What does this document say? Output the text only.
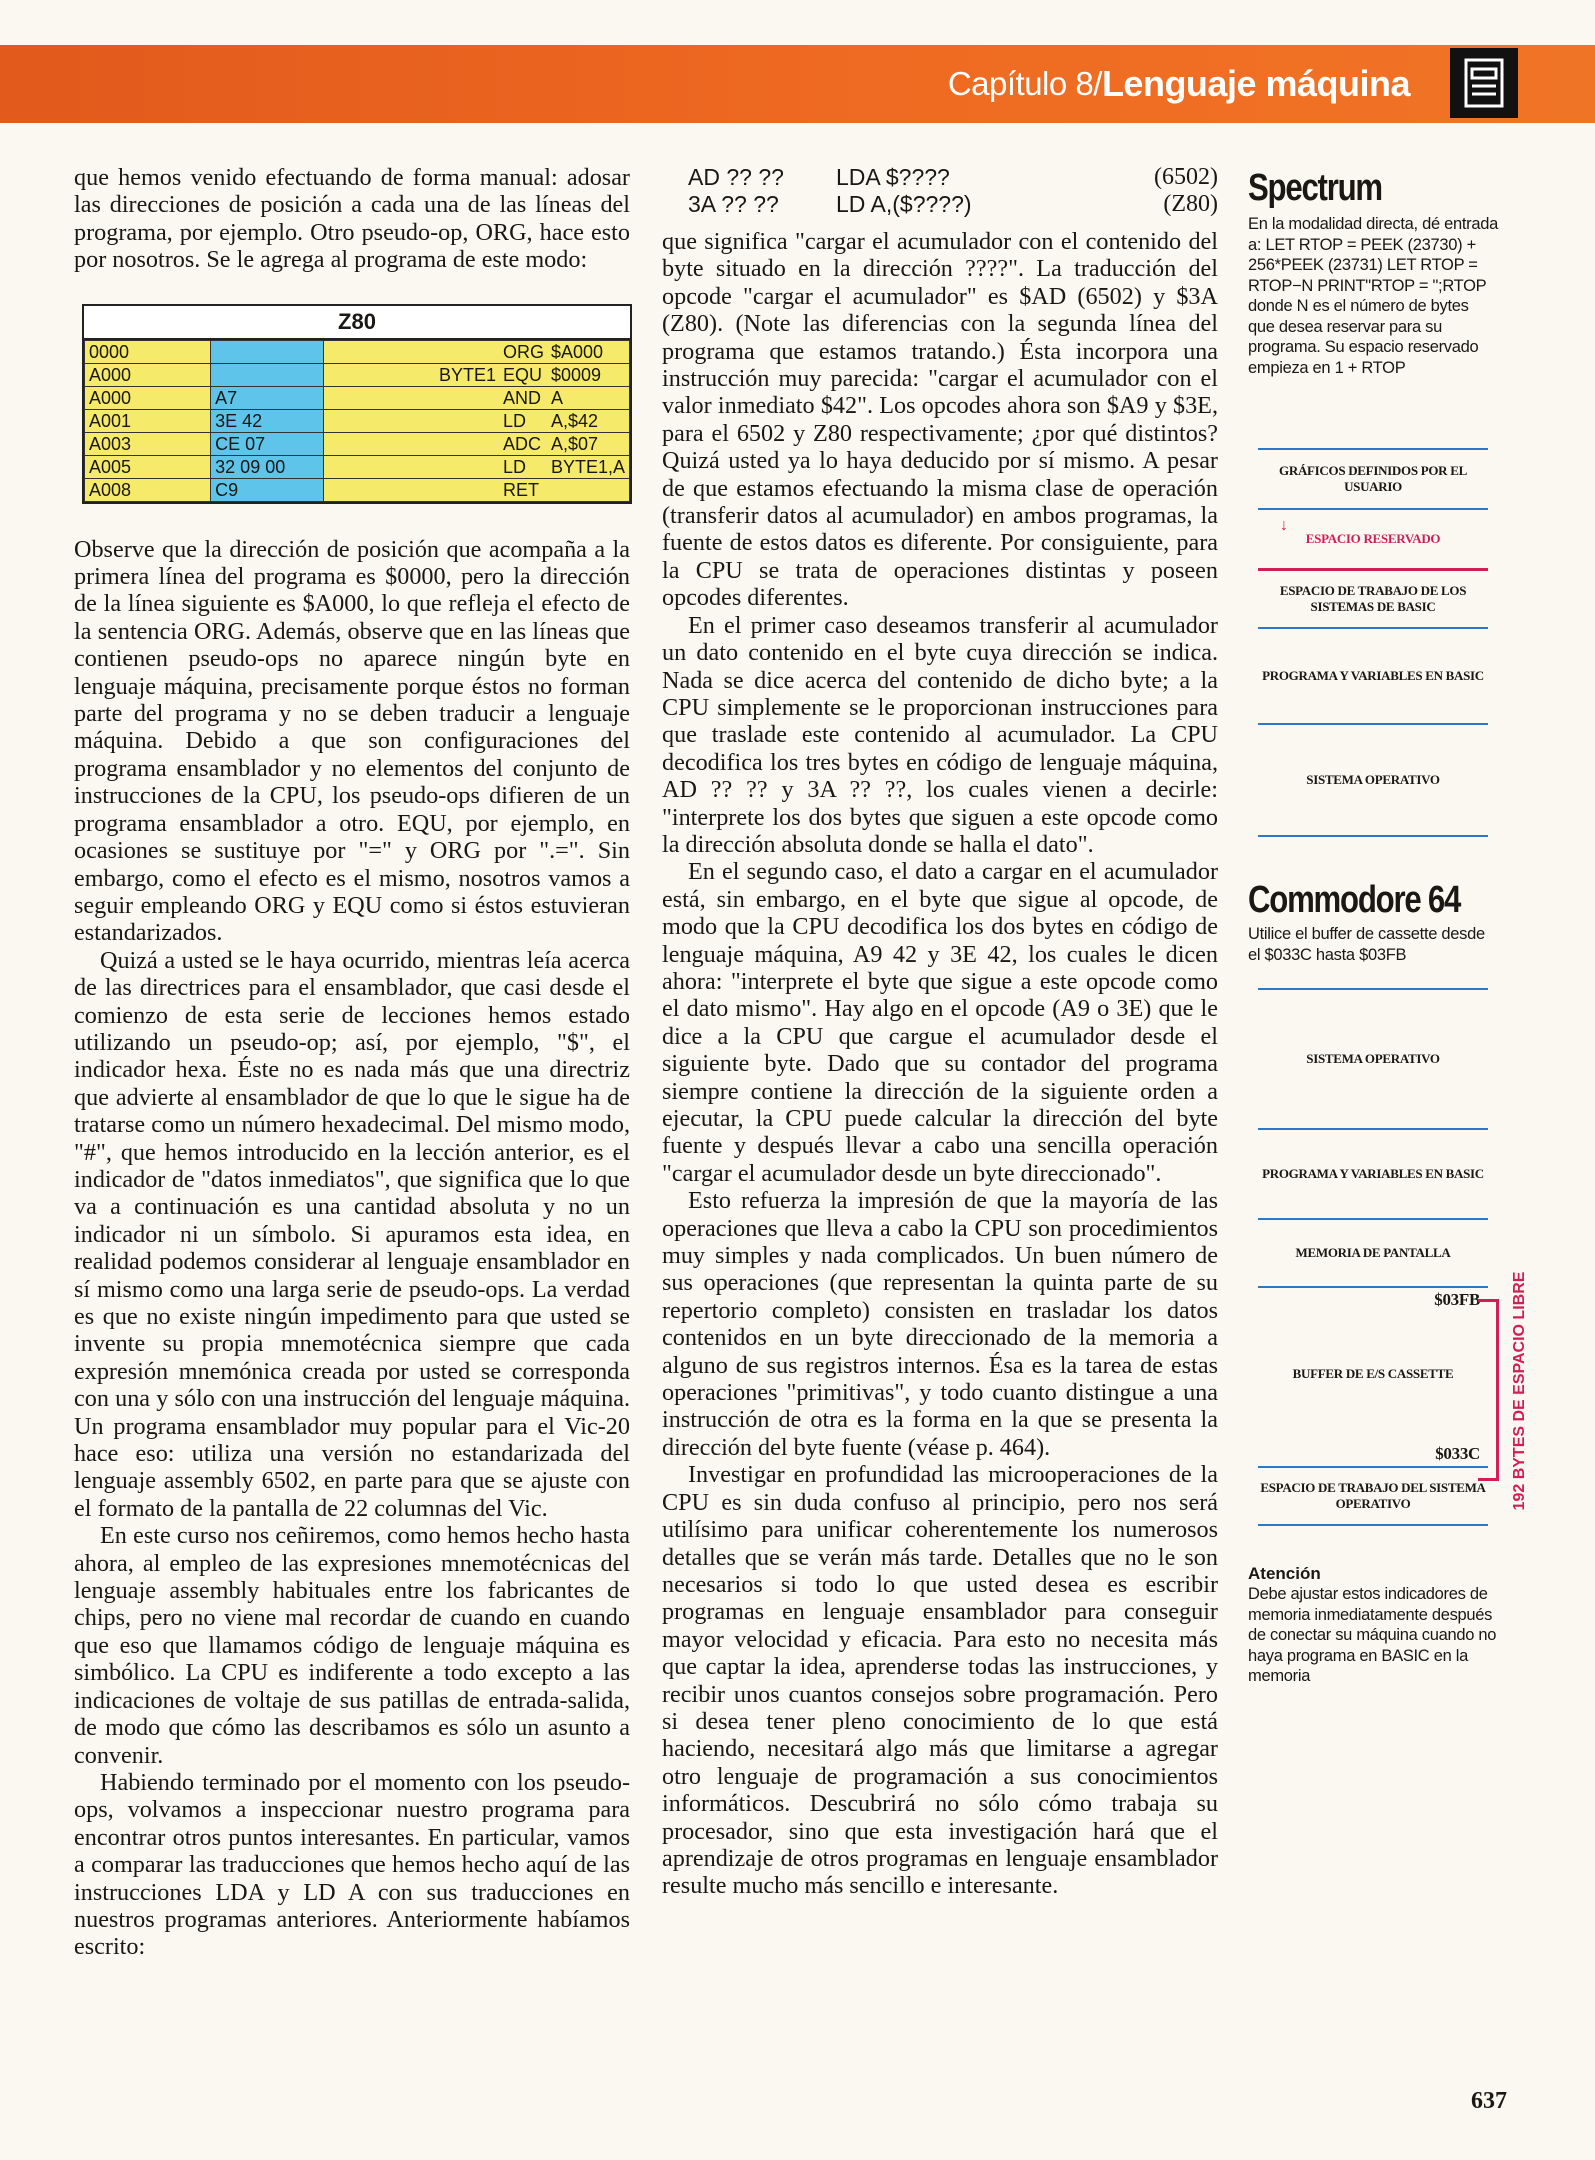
Capítulo 8/ Lenguaje máquina

que hemos venido efectuando de forma manual: adosar las direcciones de posición a cada una de las líneas del programa, por ejemplo. Otro pseudo-op, ORG, hace esto por nosotros. Se le agrega al programa de este modo:

Z80
0000		ORG $A000
A000		BYTE1 EQU $0009
A000	A7	AND A
A001	3E 42	LD A,$42
A003	CE 07	ADC A,$07
A005	32 09 00	LD BYTE1,A
A008	C9	RET

Observe que la dirección de posición que acompaña a la primera línea del programa es $0000, pero la dirección de la línea siguiente es $A000, lo que refleja el efecto de la sentencia ORG. Además, observe que en las líneas que contienen pseudo-ops no aparece ningún byte en lenguaje máquina, precisamente porque éstos no forman parte del programa y no se deben traducir a lenguaje máquina. Debido a que son configuraciones del programa ensamblador y no elementos del conjunto de instrucciones de la CPU, los pseudo-ops difieren de un programa ensamblador a otro. EQU, por ejemplo, en ocasiones se sustituye por "=" y ORG por ".=". Sin embargo, como el efecto es el mismo, nosotros vamos a seguir empleando ORG y EQU como si éstos estuvieran estandarizados.

Quizá a usted se le haya ocurrido, mientras leía acerca de las directrices para el ensamblador, que casi desde el comienzo de esta serie de lecciones hemos estado utilizando un pseudo-op; así, por ejemplo, "$", el indicador hexa. Éste no es nada más que una directriz que advierte al ensamblador de que lo que le sigue ha de tratarse como un número hexadecimal. Del mismo modo, "#", que hemos introducido en la lección anterior, es el indicador de "datos inmediatos", que significa que lo que va a continuación es una cantidad absoluta y no un indicador ni un símbolo. Si apuramos esta idea, en realidad podemos considerar al lenguaje ensamblador en sí mismo como una larga serie de pseudo-ops. La verdad es que no existe ningún impedimento para que usted se invente su propia mnemotécnica siempre que cada expresión mnemónica creada por usted se corresponda con una y sólo con una instrucción del lenguaje máquina. Un programa ensamblador muy popular para el Vic-20 hace eso: utiliza una versión no estandarizada del lenguaje assembly 6502, en parte para que se ajuste con el formato de la pantalla de 22 columnas del Vic.

En este curso nos ceñiremos, como hemos hecho hasta ahora, al empleo de las expresiones mnemotécnicas del lenguaje assembly habituales entre los fabricantes de chips, pero no viene mal recordar de cuando en cuando que eso que llamamos código de lenguaje máquina es simbólico. La CPU es indiferente a todo excepto a las indicaciones de voltaje de sus patillas de entrada-salida, de modo que cómo las describamos es sólo un asunto a convenir.

Habiendo terminado por el momento con los pseudo-ops, volvamos a inspeccionar nuestro programa para encontrar otros puntos interesantes. En particular, vamos a comparar las traducciones que hemos hecho aquí de las instrucciones LDA y LD A con sus traducciones en nuestros programas anteriores. Anteriormente habíamos escrito:

AD ?? ??	LDA $????	(6502)
3A ?? ??	LD A,($????)	(Z80)

que significa "cargar el acumulador con el contenido del byte situado en la dirección ????". La traducción del opcode "cargar el acumulador" es $AD (6502) y $3A (Z80). (Note las diferencias con la segunda línea del programa que estamos tratando.) Ésta incorpora una instrucción muy parecida: "cargar el acumulador con el valor inmediato $42". Los opcodes ahora son $A9 y $3E, para el 6502 y Z80 respectivamente; ¿por qué distintos? Quizá usted ya lo haya deducido por sí mismo. A pesar de que estamos efectuando la misma clase de operación (transferir datos al acumulador) en ambos programas, la fuente de estos datos es diferente. Por consiguiente, para la CPU se trata de operaciones distintas y poseen opcodes diferentes.

En el primer caso deseamos transferir al acumulador un dato contenido en el byte cuya dirección se indica. Nada se dice acerca del contenido de dicho byte; a la CPU simplemente se le proporcionan instrucciones para que traslade este contenido al acumulador. La CPU decodifica los tres bytes en código de lenguaje máquina, AD ?? ?? y 3A ?? ??, los cuales vienen a decirle: "interprete los dos bytes que siguen a este opcode como la dirección absoluta donde se halla el dato".

En el segundo caso, el dato a cargar en el acumulador está, sin embargo, en el byte que sigue al opcode, de modo que la CPU decodifica los dos bytes en código de lenguaje máquina, A9 42 y 3E 42, los cuales le dicen ahora: "interprete el byte que sigue a este opcode como el dato mismo". Hay algo en el opcode (A9 o 3E) que le dice a la CPU que cargue el acumulador desde el siguiente byte. Dado que su contador del programa siempre contiene la dirección de la siguiente orden a ejecutar, la CPU puede calcular la dirección del byte fuente y después llevar a cabo una sencilla operación "cargar el acumulador desde un byte direccionado".

Esto refuerza la impresión de que la mayoría de las operaciones que lleva a cabo la CPU son procedimientos muy simples y nada complicados. Un buen número de sus operaciones (que representan la quinta parte de su repertorio completo) consisten en trasladar los datos contenidos en un byte direccionado de la memoria a alguno de sus registros internos. Ésa es la tarea de estas operaciones "primitivas", y todo cuanto distingue a una instrucción de otra es la forma en la que se presenta la dirección del byte fuente (véase p. 464).

Investigar en profundidad las microoperaciones de la CPU es sin duda confuso al principio, pero nos será utilísimo para unificar coherentemente los numerosos detalles que se verán más tarde. Detalles que no le son necesarios si todo lo que usted desea es escribir programas en lenguaje ensamblador para conseguir mayor velocidad y eficacia. Para esto no necesita más que captar la idea, aprenderse todas las instrucciones, y recibir unos cuantos consejos sobre programación. Pero si desea tener pleno conocimiento de lo que está haciendo, necesitará algo más que limitarse a agregar otro lenguaje de programación a sus conocimientos informáticos. Descubrirá no sólo cómo trabaja su procesador, sino que esta investigación hará que el aprendizaje de otros programas en lenguaje ensamblador resulte mucho más sencillo e interesante.

Spectrum
En la modalidad directa, dé entrada a: LET RTOP = PEEK (23730) + 256*PEEK (23731) LET RTOP = RTOP−N PRINT"RTOP = ";RTOP donde N es el número de bytes que desea reservar para su programa. Su espacio reservado empieza en 1 + RTOP
GRÁFICOS DEFINIDOS POR EL USUARIO
↓
ESPACIO RESERVADO
ESPACIO DE TRABAJO DE LOS SISTEMAS DE BASIC
PROGRAMA Y VARIABLES EN BASIC
SISTEMA OPERATIVO
Commodore 64
Utilice el buffer de cassette desde el $033C hasta $03FB
SISTEMA OPERATIVO
PROGRAMA Y VARIABLES EN BASIC
MEMORIA DE PANTALLA
$03FB
BUFFER DE E/S CASSETTE
$033C
ESPACIO DE TRABAJO DEL SISTEMA OPERATIVO	192 BYTES DE ESPACIO LIBRE
Atención
Debe ajustar estos indicadores de memoria inmediatamente después de conectar su máquina cuando no haya programa en BASIC en la memoria
637
